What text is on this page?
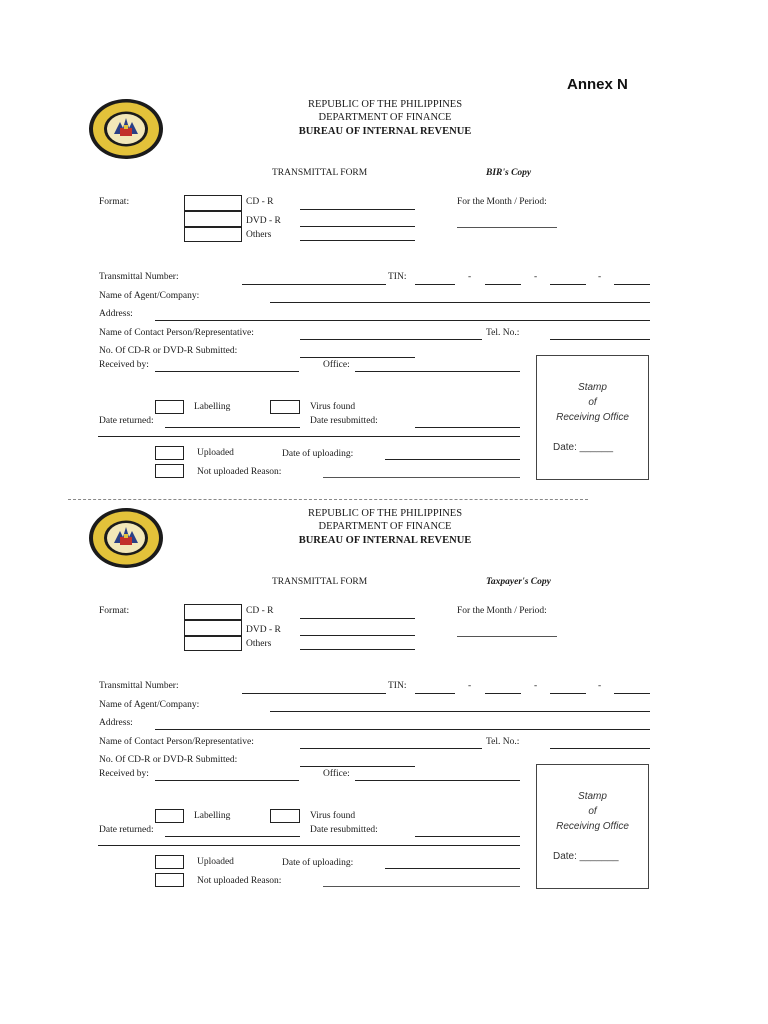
Annex N
REPUBLIC OF THE PHILIPPINES
DEPARTMENT OF FINANCE
BUREAU OF INTERNAL REVENUE
TRANSMITTAL FORM	BIR's Copy
Format:	CD - R
DVD - R
Others
For the Month / Period:
Transmittal Number:	TIN:	-	-	-
Name of Agent/Company:
Address:
Name of Contact Person/Representative:	Tel. No.:
No. Of CD-R or DVD-R Submitted:
Received by:	Office:
Stamp
of
Receiving Office
Date: ______
Labelling	Virus found
Date returned:	Date resubmitted:
Uploaded	Date of uploading:
Not uploaded Reason:
REPUBLIC OF THE PHILIPPINES
DEPARTMENT OF FINANCE
BUREAU OF INTERNAL REVENUE
TRANSMITTAL FORM	Taxpayer's Copy
Format:	CD - R
DVD - R
Others
For the Month / Period:
Transmittal Number:	TIN:	-	-	-
Name of Agent/Company:
Address:
Name of Contact Person/Representative:	Tel. No.:
No. Of CD-R or DVD-R Submitted:
Received by:	Office:
Stamp
of
Receiving Office
Date: _______
Labelling	Virus found
Date returned:	Date resubmitted:
Uploaded	Date of uploading:
Not uploaded Reason:
